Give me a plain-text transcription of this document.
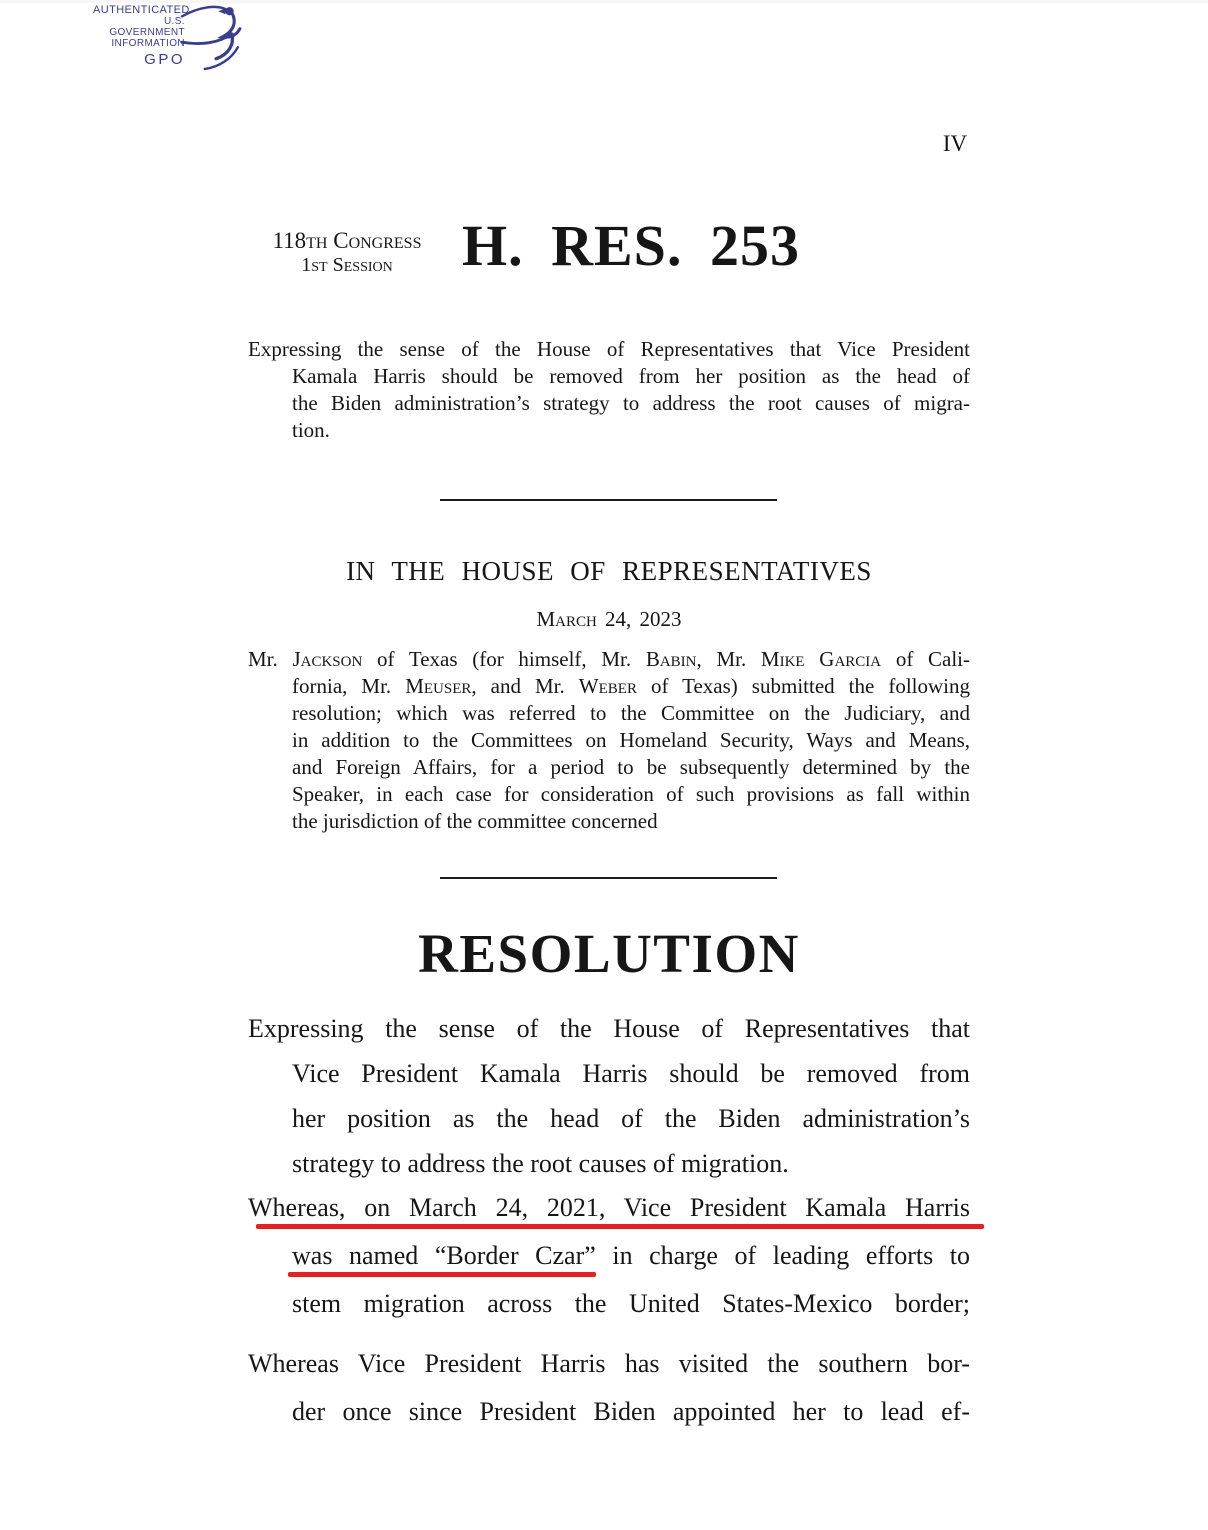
AUTHENTICATED
U.S. GOVERNMENT
INFORMATION
GPO
IV
118th Congress
1st Session	H. RES. 253
Expressing the sense of the House of Representatives that Vice President
Kamala Harris should be removed from her position as the head of
the Biden administration’s strategy to address the root causes of migra-
tion.
IN THE HOUSE OF REPRESENTATIVES
March 24, 2023
Mr. Jackson of Texas (for himself, Mr. Babin, Mr. Mike Garcia of Cali-
fornia, Mr. Meuser, and Mr. Weber of Texas) submitted the following
resolution; which was referred to the Committee on the Judiciary, and
in addition to the Committees on Homeland Security, Ways and Means,
and Foreign Affairs, for a period to be subsequently determined by the
Speaker, in each case for consideration of such provisions as fall within
the jurisdiction of the committee concerned
RESOLUTION
Expressing the sense of the House of Representatives that
Vice President Kamala Harris should be removed from
her position as the head of the Biden administration’s
strategy to address the root causes of migration.
Whereas, on March 24, 2021, Vice President Kamala Harris
was named “Border Czar” in charge of leading efforts to
stem migration across the United States-Mexico border;
Whereas Vice President Harris has visited the southern bor-
der once since President Biden appointed her to lead ef-
